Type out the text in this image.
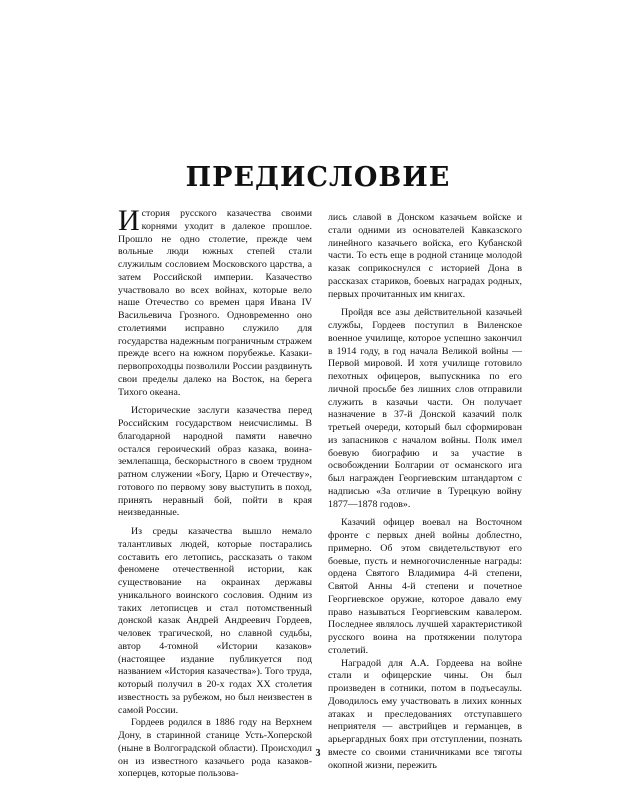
ПРЕДИСЛОВИЕ

История русского казачества своими корнями уходит в далекое прошлое. Прошло не одно столетие, прежде чем вольные люди южных степей стали служилым сословием Московского царства, а затем Российской империи. Казачество участвовало во всех войнах, которые вело наше Отечество со времен царя Ивана IV Васильевича Грозного. Одновременно оно столетиями исправно служило для государства надежным пограничным стражем прежде всего на южном порубежье. Казаки-первопроходцы позволили России раздвинуть свои пределы далеко на Восток, на берега Тихого океана.

Исторические заслуги казачества перед Российским государством неисчислимы. В благодарной народной памяти навечно остался героический образ казака, воина-землепашца, бескорыстного в своем трудном ратном служении «Богу, Царю и Отечеству», готового по первому зову выступить в поход, принять неравный бой, пойти в края неизведанные.

Из среды казачества вышло немало талантливых людей, которые постарались составить его летопись, рассказать о таком феномене отечественной истории, как существование на окраинах державы уникального воинского сословия. Одним из таких летописцев и стал потомственный донской казак Андрей Андреевич Гордеев, человек трагической, но славной судьбы, автор 4-томной «Истории казаков» (настоящее издание публикуется под названием «История казачества»). Того труда, который получил в 20-х годах XX столетия известность за рубежом, но был неизвестен в самой России.

Гордеев родился в 1886 году на Верхнем Дону, в старинной станице Усть-Хоперской (ныне в Волгоградской области). Происходил он из известного казачьего рода казаков-хоперцев, которые пользова-

лись славой в Донском казачьем войске и стали одними из основателей Кавказского линейного казачьего войска, его Кубанской части. То есть еще в родной станице молодой казак соприкоснулся с историей Дона в рассказах стариков, боевых наградах родных, первых прочитанных им книгах.

Пройдя все азы действительной казачьей службы, Гордеев поступил в Виленское военное училище, которое успешно закончил в 1914 году, в год начала Великой войны — Первой мировой. И хотя училище готовило пехотных офицеров, выпускника по его личной просьбе без лишних слов отправили служить в казачьи части. Он получает назначение в 37-й Донской казачий полк третьей очереди, который был сформирован из запасников с началом войны. Полк имел боевую биографию и за участие в освобождении Болгарии от османского ига был награжден Георгиевским штандартом с надписью «За отличие в Турецкую войну 1877—1878 годов».

Казачий офицер воевал на Восточном фронте с первых дней войны доблестно, примерно. Об этом свидетельствуют его боевые, пусть и немногочисленные награды: ордена Святого Владимира 4-й степени, Святой Анны 4-й степени и почетное Георгиевское оружие, которое давало ему право называться Георгиевским кавалером. Последнее являлось лучшей характеристикой русского воина на протяжении полутора столетий.

Наградой для А.А. Гордеева на войне стали и офицерские чины. Он был произведен в сотники, потом в подъесаулы. Доводилось ему участвовать в лихих конных атаках и преследованиях отступавшего неприятеля — австрийцев и германцев, в арьергардных боях при отступлении, познать вместе со своими станичниками все тяготы окопной жизни, пережить

3
